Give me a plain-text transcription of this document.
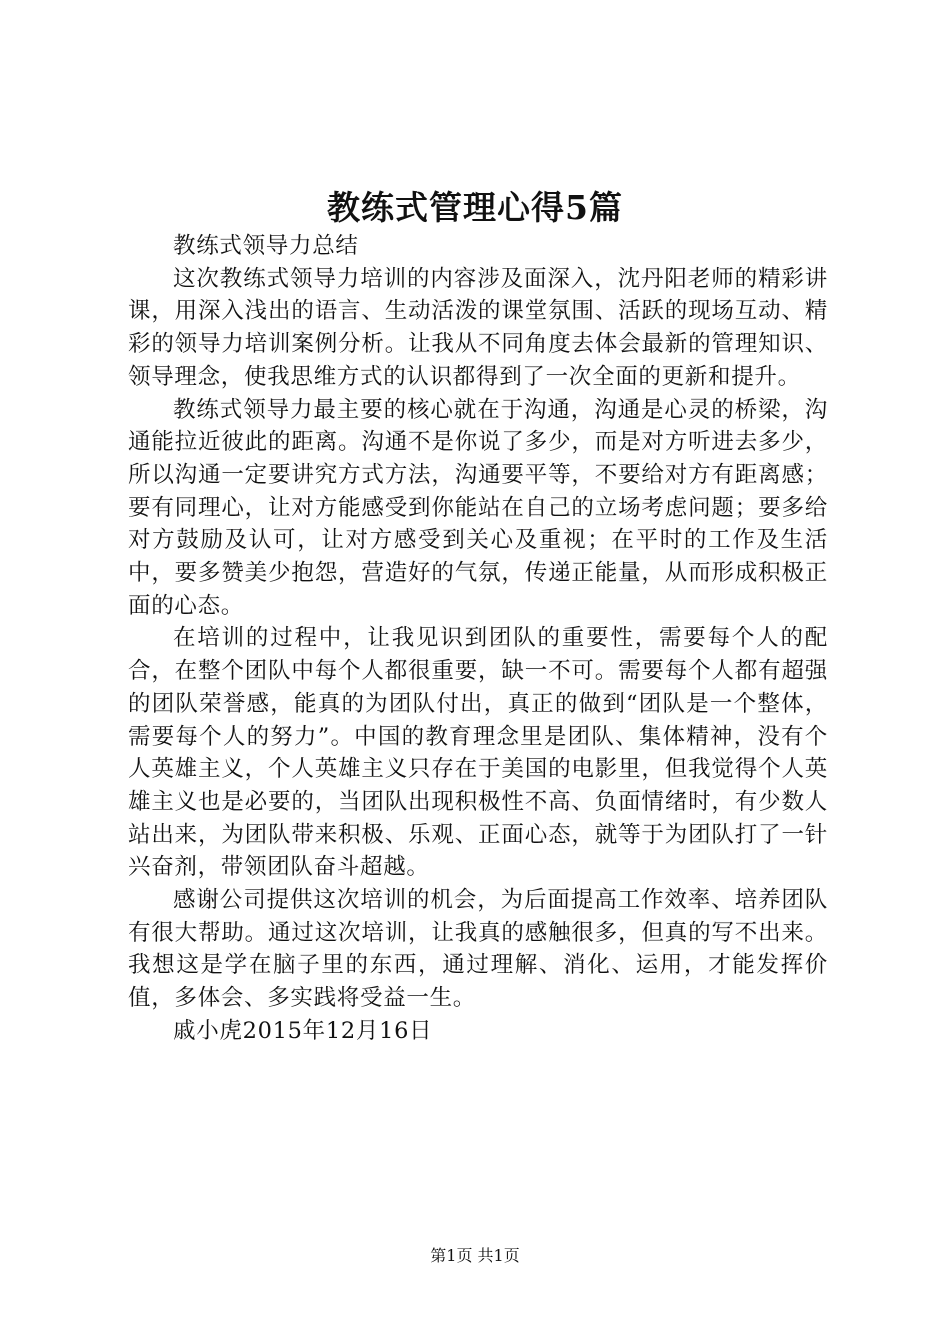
教练式管理心得5篇

教练式领导力总结

这次教练式领导力培训的内容涉及面深入，沈丹阳老师的精彩讲课，用深入浅出的语言、生动活泼的课堂氛围、活跃的现场互动、精彩的领导力培训案例分析。让我从不同角度去体会最新的管理知识、领导理念，使我思维方式的认识都得到了一次全面的更新和提升。

教练式领导力最主要的核心就在于沟通，沟通是心灵的桥梁，沟通能拉近彼此的距离。沟通不是你说了多少，而是对方听进去多少，所以沟通一定要讲究方式方法，沟通要平等，不要给对方有距离感；要有同理心，让对方能感受到你能站在自己的立场考虑问题；要多给对方鼓励及认可，让对方感受到关心及重视；在平时的工作及生活中，要多赞美少抱怨，营造好的气氛，传递正能量，从而形成积极正面的心态。

在培训的过程中，让我见识到团队的重要性，需要每个人的配合，在整个团队中每个人都很重要，缺一不可。需要每个人都有超强的团队荣誉感，能真的为团队付出，真正的做到“团队是一个整体，需要每个人的努力”。中国的教育理念里是团队、集体精神，没有个人英雄主义，个人英雄主义只存在于美国的电影里，但我觉得个人英雄主义也是必要的，当团队出现积极性不高、负面情绪时，有少数人站出来，为团队带来积极、乐观、正面心态，就等于为团队打了一针兴奋剂，带领团队奋斗超越。

感谢公司提供这次培训的机会，为后面提高工作效率、培养团队有很大帮助。通过这次培训，让我真的感触很多，但真的写不出来。我想这是学在脑子里的东西，通过理解、消化、运用，才能发挥价值，多体会、多实践将受益一生。

戚小虎2015年12月16日

第1页 共1页
